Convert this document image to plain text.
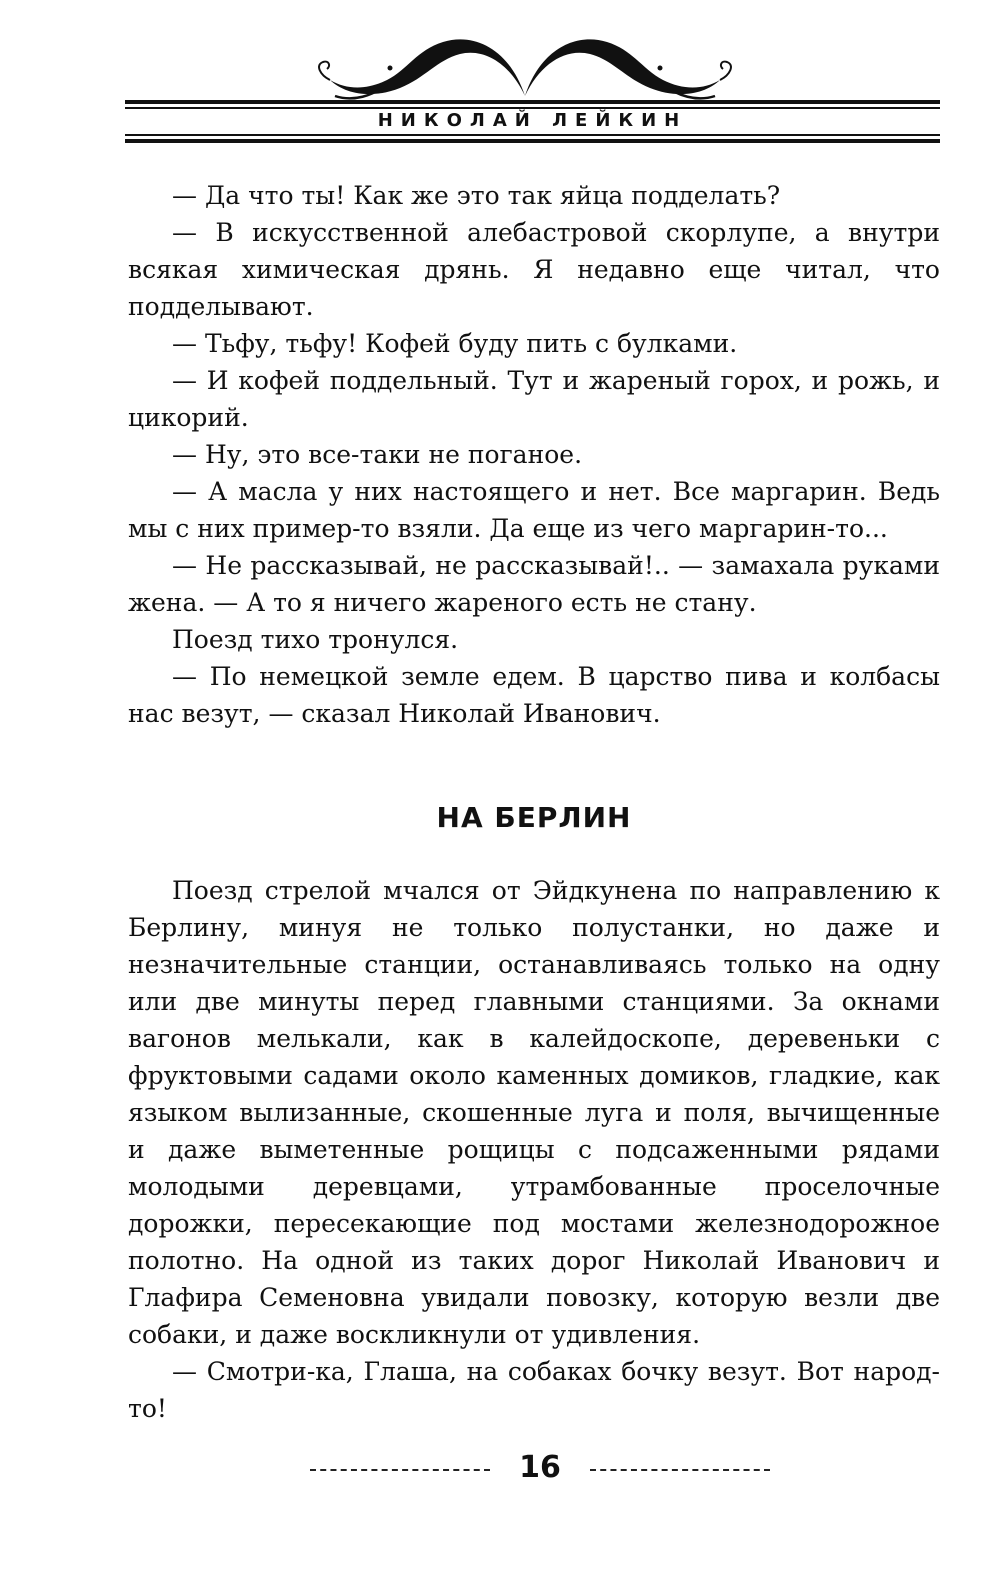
НИКОЛАЙ ЛЕЙКИН

— Да что ты! Как же это так яйца подделать?

— В искусственной алебастровой скорлупе, а внутри всякая химическая дрянь. Я недавно еще читал, что подделывают.

— Тьфу, тьфу! Кофей буду пить с булками.

— И кофей поддельный. Тут и жареный горох, и рожь, и цикорий.

— Ну, это все-таки не поганое.

— А масла у них настоящего и нет. Все маргарин. Ведь мы с них пример-то взяли. Да еще из чего маргарин-то...

— Не рассказывай, не рассказывай!.. — замахала руками жена. — А то я ничего жареного есть не стану.

Поезд тихо тронулся.

— По немецкой земле едем. В царство пива и колбасы нас везут, — сказал Николай Иванович.

НА БЕРЛИН

Поезд стрелой мчался от Эйдкунена по направлению к Берлину, минуя не только полустанки, но даже и незначительные станции, останавливаясь только на одну или две минуты перед главными станциями. За окнами вагонов мелькали, как в калейдоскопе, деревеньки с фруктовыми садами около каменных домиков, гладкие, как языком вылизанные, скошенные луга и поля, вычищенные и даже выметенные рощицы с подсаженными рядами молодыми деревцами, утрамбованные проселочные дорожки, пересекающие под мостами железнодорожное полотно. На одной из таких дорог Николай Иванович и Глафира Семеновна увидали повозку, которую везли две собаки, и даже воскликнули от удивления.

— Смотри-ка, Глаша, на собаках бочку везут. Вот народ-то!

16
